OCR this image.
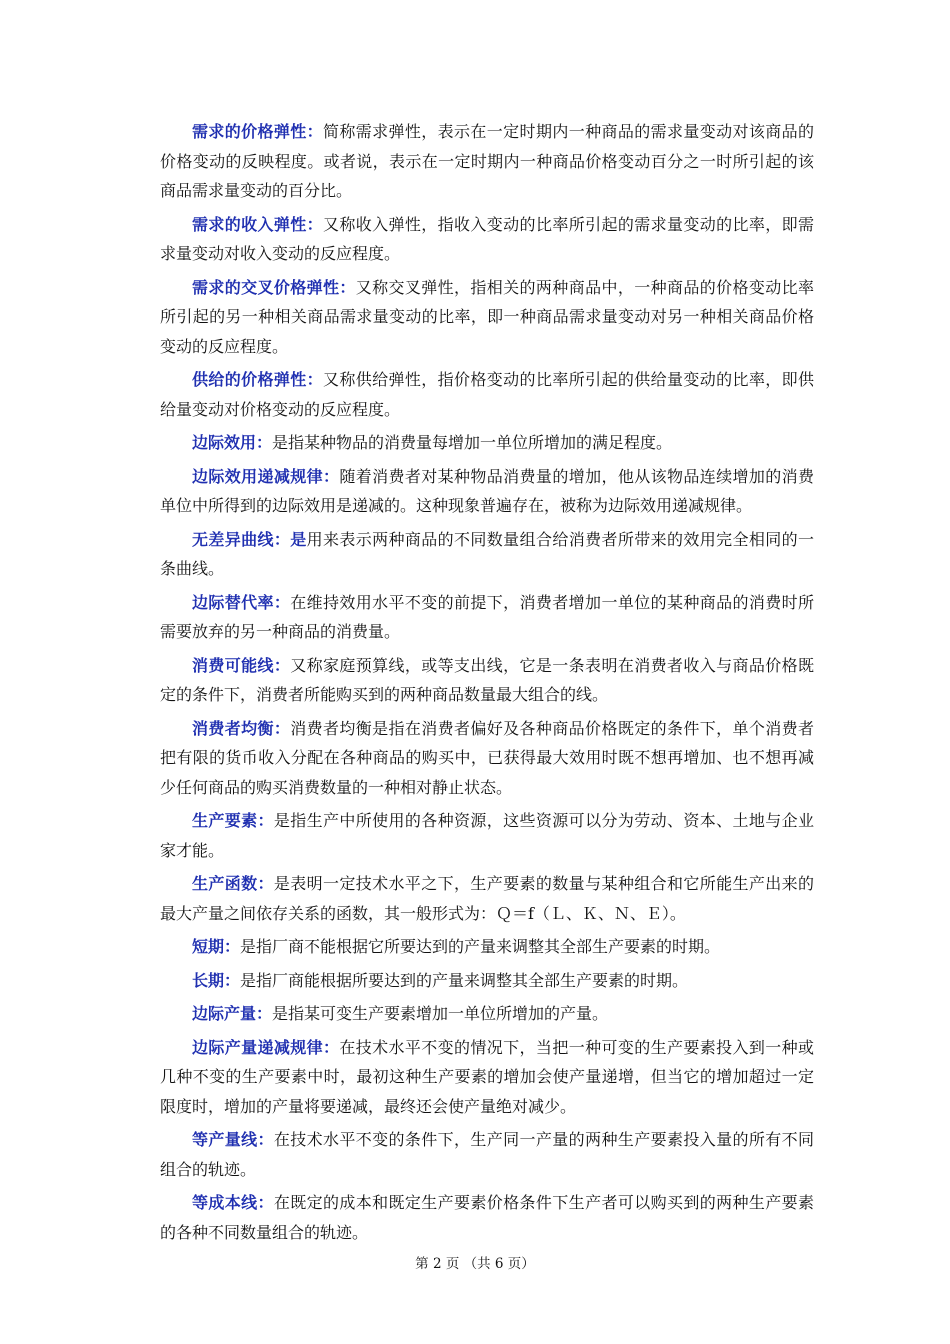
需求的价格弹性：简称需求弹性，表示在一定时期内一种商品的需求量变动对该商品的价格变动的反映程度。或者说，表示在一定时期内一种商品价格变动百分之一时所引起的该商品需求量变动的百分比。

需求的收入弹性：又称收入弹性，指收入变动的比率所引起的需求量变动的比率，即需求量变动对收入变动的反应程度。

需求的交叉价格弹性：又称交叉弹性，指相关的两种商品中，一种商品的价格变动比率所引起的另一种相关商品需求量变动的比率，即一种商品需求量变动对另一种相关商品价格变动的反应程度。

供给的价格弹性：又称供给弹性，指价格变动的比率所引起的供给量变动的比率，即供给量变动对价格变动的反应程度。

边际效用：是指某种物品的消费量每增加一单位所增加的满足程度。

边际效用递减规律：随着消费者对某种物品消费量的增加，他从该物品连续增加的消费单位中所得到的边际效用是递减的。这种现象普遍存在，被称为边际效用递减规律。

无差异曲线：是用来表示两种商品的不同数量组合给消费者所带来的效用完全相同的一条曲线。

边际替代率：在维持效用水平不变的前提下，消费者增加一单位的某种商品的消费时所需要放弃的另一种商品的消费量。

消费可能线：又称家庭预算线，或等支出线，它是一条表明在消费者收入与商品价格既定的条件下，消费者所能购买到的两种商品数量最大组合的线。

消费者均衡：消费者均衡是指在消费者偏好及各种商品价格既定的条件下，单个消费者把有限的货币收入分配在各种商品的购买中，已获得最大效用时既不想再增加、也不想再减少任何商品的购买消费数量的一种相对静止状态。

生产要素：是指生产中所使用的各种资源，这些资源可以分为劳动、资本、土地与企业家才能。

生产函数：是表明一定技术水平之下，生产要素的数量与某种组合和它所能生产出来的最大产量之间依存关系的函数，其一般形式为：Ｑ＝f（Ｌ、Ｋ、Ｎ、Ｅ）。

短期：是指厂商不能根据它所要达到的产量来调整其全部生产要素的时期。

长期：是指厂商能根据所要达到的产量来调整其全部生产要素的时期。

边际产量：是指某可变生产要素增加一单位所增加的产量。

边际产量递减规律：在技术水平不变的情况下，当把一种可变的生产要素投入到一种或几种不变的生产要素中时，最初这种生产要素的增加会使产量递增，但当它的增加超过一定限度时，增加的产量将要递减，最终还会使产量绝对减少。

等产量线：在技术水平不变的条件下，生产同一产量的两种生产要素投入量的所有不同组合的轨迹。

等成本线：在既定的成本和既定生产要素价格条件下生产者可以购买到的两种生产要素的各种不同数量组合的轨迹。

第 2 页 （共 6 页）
